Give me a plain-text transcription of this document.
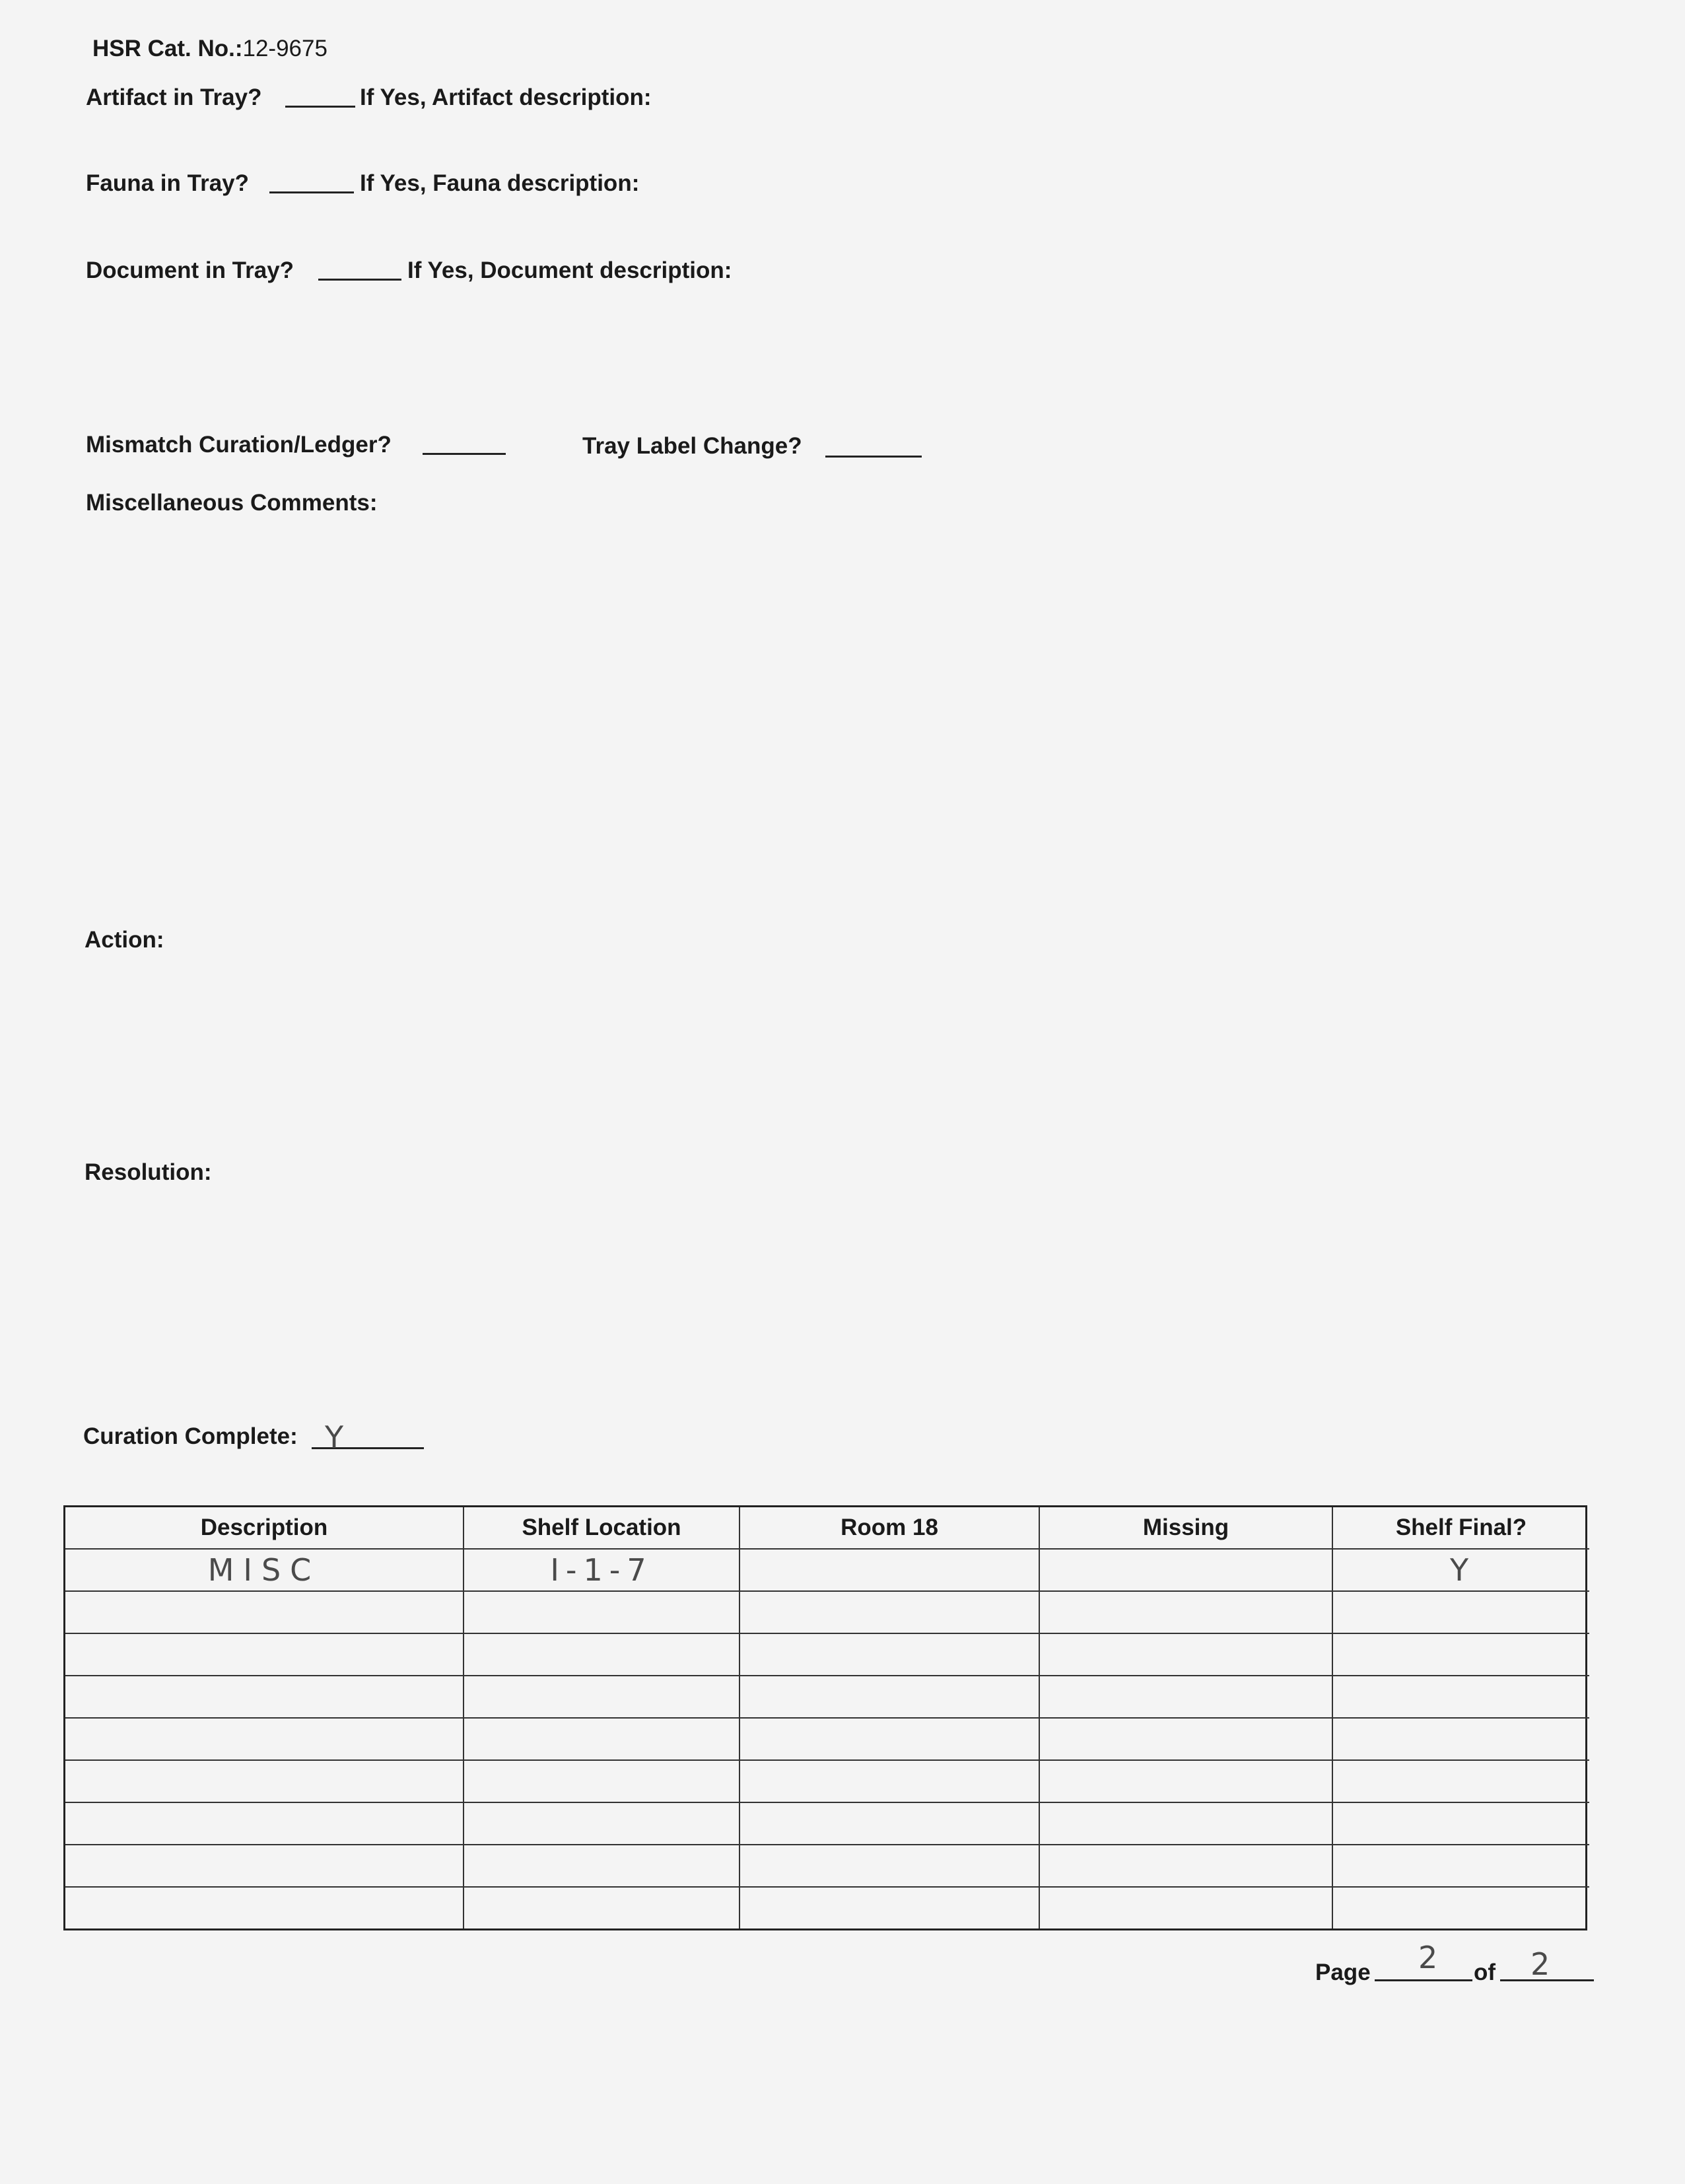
HSR Cat. No.:12-9675
Artifact in Tray?	If Yes, Artifact description:
Fauna in Tray?	If Yes, Fauna description:
Document in Tray?	If Yes, Document description:
Mismatch Curation/Ledger?	Tray Label Change?
Miscellaneous Comments:
Action:
Resolution:
Curation Complete: Y
Description	Shelf Location	Room 18	Missing	Shelf Final?
MISC	I-1-7			Y

Page 2 of 2
